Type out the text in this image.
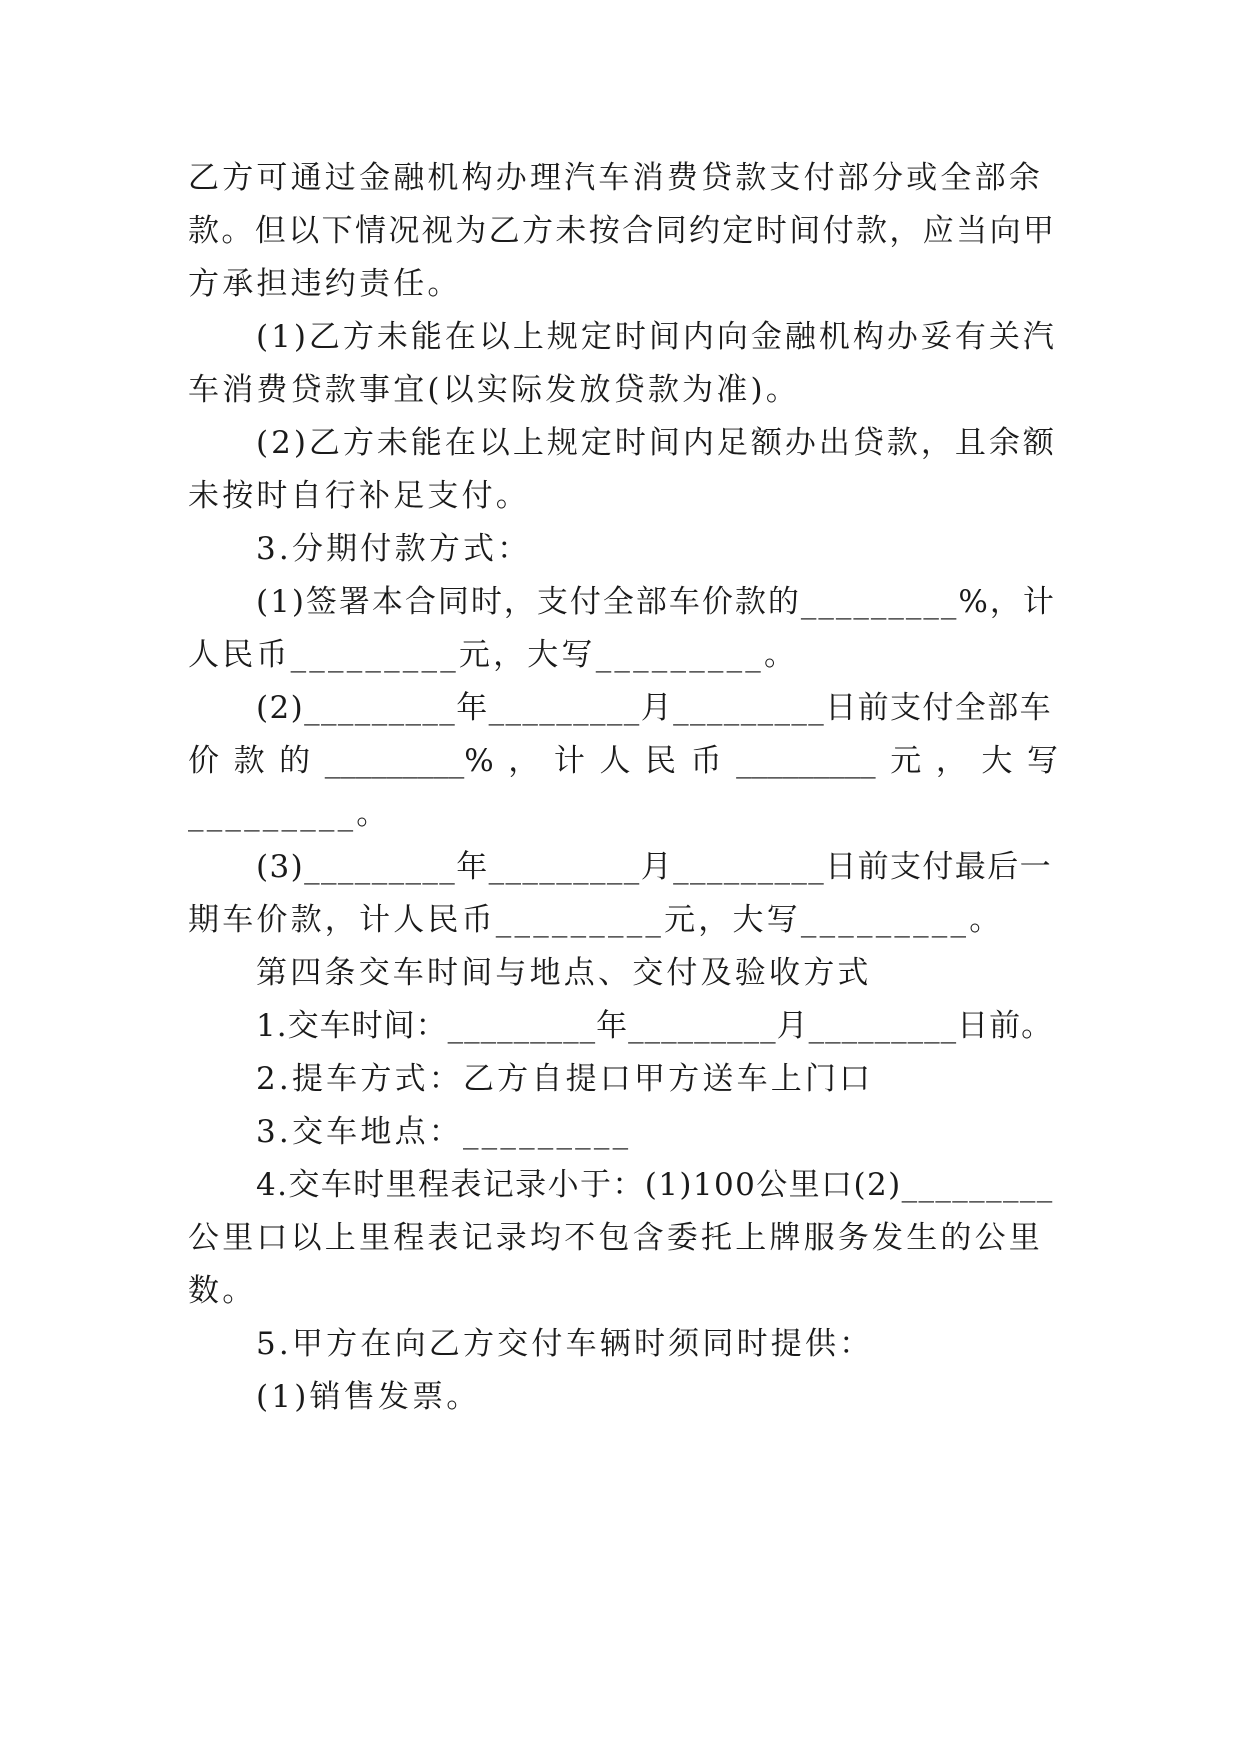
乙方可通过金融机构办理汽车消费贷款支付部分或全部余
款。但以下情况视为乙方未按合同约定时间付款，应当向甲
方承担违约责任。
(1)乙方未能在以上规定时间内向金融机构办妥有关汽
车消费贷款事宜(以实际发放贷款为准)。
(2)乙方未能在以上规定时间内足额办出贷款，且余额
未按时自行补足支付。
3.分期付款方式：
(1)签署本合同时，支付全部车价款的_________%，计
人民币_________元，大写_________。
(2)_________年_________月_________日前支付全部车
价 款 的 _________% ， 计 人 民 币 _________ 元 ， 大 写
_________。
(3)_________年_________月_________日前支付最后一
期车价款，计人民币_________元，大写_________。
第四条交车时间与地点、交付及验收方式
1.交车时间：_________年_________月_________日前。
2.提车方式：乙方自提口甲方送车上门口
3.交车地点：_________
4.交车时里程表记录小于：(1)100公里口(2)_________
公里口以上里程表记录均不包含委托上牌服务发生的公里
数。
5.甲方在向乙方交付车辆时须同时提供：
(1)销售发票。
